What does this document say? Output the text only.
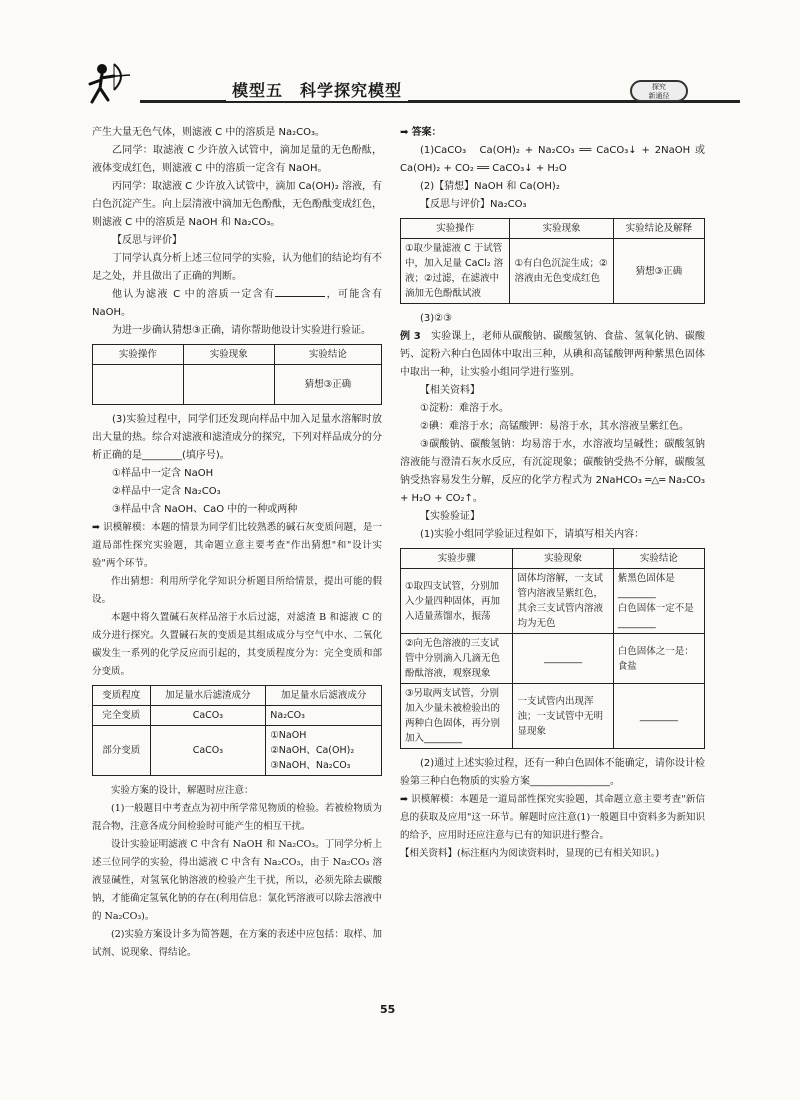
模型五　科学探究模型	探究
新通径

产生大量无色气体，则滤液 C 中的溶质是 Na₂CO₃。

乙同学：取滤液 C 少许放入试管中，滴加足量的无色酚酞，液体变成红色，则滤液 C 中的溶质一定含有 NaOH。

丙同学：取滤液 C 少许放入试管中，滴加 Ca(OH)₂ 溶液，有白色沉淀产生。向上层清液中滴加无色酚酞，无色酚酞变成红色，则滤液 C 中的溶质是 NaOH 和 Na₂CO₃。

【反思与评价】

丁同学认真分析上述三位同学的实验，认为他们的结论均有不足之处，并且做出了正确的判断。

他认为滤液 C 中的溶质一定含有	，可能含有 NaOH。

为进一步确认猜想③正确，请你帮助他设计实验进行验证。

实验操作	实验现象	实验结论
		猜想③正确

(3)实验过程中，同学们还发现向样品中加入足量水溶解时放出大量的热。综合对滤液和滤渣成分的探究，下列对样品成分的分析正确的是________(填序号)。

①样品中一定含 NaOH

②样品中一定含 Na₂CO₃

③样品中含 NaOH、CaO 中的一种或两种

➡ 识模解模：本题的情景为同学们比较熟悉的碱石灰变质问题，是一道局部性探究实验题，其命题立意主要考查"作出猜想"和"设计实验"两个环节。

作出猜想：利用所学化学知识分析题目所给情景，提出可能的假设。

本题中将久置碱石灰样品溶于水后过滤，对滤渣 B 和滤液 C 的成分进行探究。久置碱石灰的变质是其组成成分与空气中水、二氧化碳发生一系列的化学反应而引起的，其变质程度分为：完全变质和部分变质。

变质程度	加足量水后滤渣成分	加足量水后滤液成分
完全变质	CaCO₃	Na₂CO₃
部分变质	CaCO₃	①NaOH
②NaOH、Ca(OH)₂
③NaOH、Na₂CO₃

实验方案的设计，解题时应注意：

(1)一般题目中考查点为初中所学常见物质的检验。若被检物质为混合物，注意各成分间检验时可能产生的相互干扰。

设计实验证明滤液 C 中含有 NaOH 和 Na₂CO₃。丁同学分析上述三位同学的实验，得出滤液 C 中含有 Na₂CO₃，由于 Na₂CO₃ 溶液显碱性，对氢氧化钠溶液的检验产生干扰，所以，必须先除去碳酸钠，才能确定氢氧化钠的存在(利用信息：氯化钙溶液可以除去溶液中的 Na₂CO₃)。

(2)实验方案设计多为简答题，在方案的表述中应包括：取样、加试剂、说现象、得结论。

➡ 答案：

(1)CaCO₃　Ca(OH)₂ + Na₂CO₃ ══ CaCO₃↓ + 2NaOH 或 Ca(OH)₂ + CO₂ ══ CaCO₃↓ + H₂O

(2)【猜想】NaOH 和 Ca(OH)₂

【反思与评价】Na₂CO₃

实验操作	实验现象	实验结论及解释
①取少量滤液 C 于试管中，加入足量 CaCl₂ 溶液；②过滤，在滤液中滴加无色酚酞试液	①有白色沉淀生成；②溶液由无色变成红色	猜想③正确

(3)②③

例 3　 实验课上，老师从碳酸钠、碳酸氢钠、食盐、氢氧化钠、碳酸钙、淀粉六种白色固体中取出三种，从碘和高锰酸钾两种紫黑色固体中取出一种，让实验小组同学进行鉴别。

【相关资料】

①淀粉：难溶于水。

②碘：难溶于水；高锰酸钾：易溶于水，其水溶液呈紫红色。

③碳酸钠、碳酸氢钠：均易溶于水，水溶液均呈碱性；碳酸氢钠溶液能与澄清石灰水反应，有沉淀现象；碳酸钠受热不分解，碳酸氢钠受热容易发生分解，反应的化学方程式为 2NaHCO₃ ═△═ Na₂CO₃ + H₂O + CO₂↑。

【实验验证】

(1)实验小组同学验证过程如下，请填写相关内容：

实验步骤	实验现象	实验结论
①取四支试管，分别加入少量四种固体，再加入适量蒸馏水，振荡	固体均溶解，一支试管内溶液呈紫红色，其余三支试管内溶液均为无色	紫黑色固体是________
白色固体一定不是________

②向无色溶液的三支试管中分别滴入几滴无色酚酞溶液，观察现象	________	白色固体之一是：食盐
③另取两支试管，分别加入少量未被检验出的两种白色固体，再分别加入________	一支试管内出现浑浊；一支试管中无明显现象	________

(2)通过上述实验过程，还有一种白色固体不能确定，请你设计检验第三种白色物质的实验方案________________。

➡ 识模解模：本题是一道局部性探究实验题，其命题立意主要考查"新信息的获取及应用"这一环节。解题时应注意(1)一般题目中资料多为新知识的给予，应用时还应注意与已有的知识进行整合。

【相关资料】(标注框内为阅读资料时，显现的已有相关知识。)

55
